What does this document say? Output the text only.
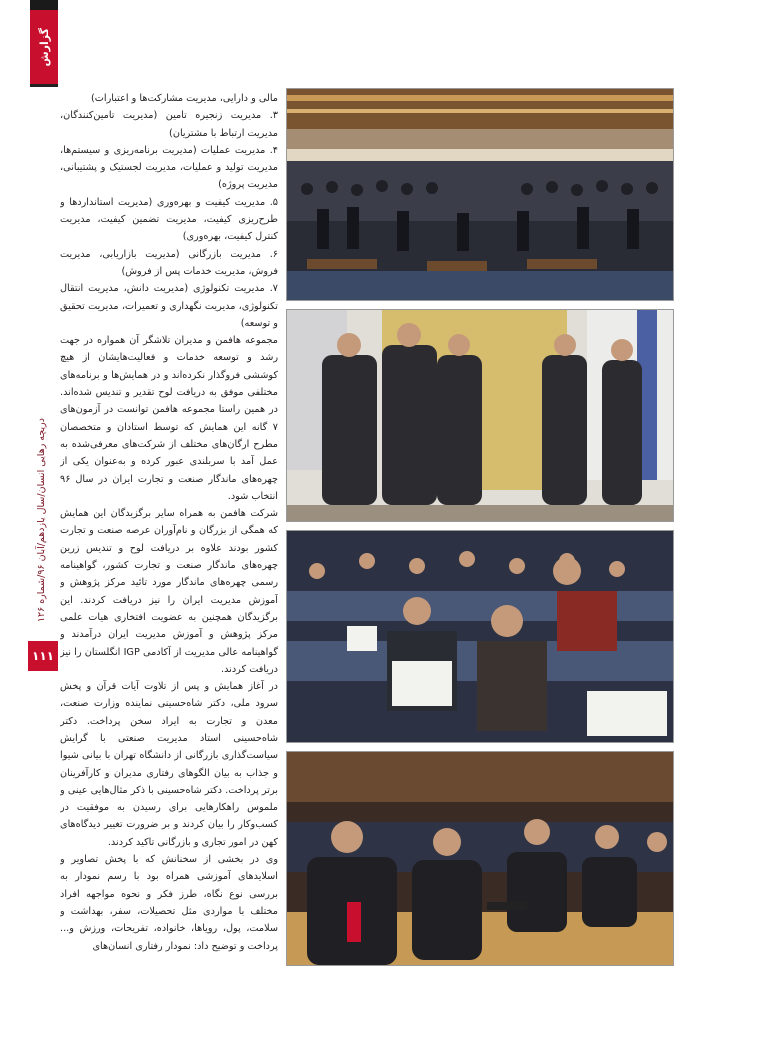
گزارش
دریچه رهایی انسان/سال یازدهم/آبان ۹۶/شماره ۱۲۶
۱۱۱

مالی و دارایی، مدیریت مشارکت‌ها و اعتبارات)

۳. مدیریت زنجیره تامین (مدیریت تامین‌کنندگان، مدیریت ارتباط با مشتریان)

۴. مدیریت عملیات (مدیریت برنامه‌ریزی و سیستم‌ها، مدیریت تولید و عملیات، مدیریت لجستیک و پشتیبانی، مدیریت پروژه)

۵. مدیریت کیفیت و بهره‌وری (مدیریت استانداردها و طرح‌ریزی کیفیت، مدیریت تضمین کیفیت، مدیریت کنترل کیفیت، بهره‌وری)

۶. مدیریت بازرگانی (مدیریت بازاریابی، مدیریت فروش، مدیریت خدمات پس از فروش)

۷. مدیریت تکنولوژی (مدیریت دانش، مدیریت انتقال تکنولوژی، مدیریت نگهداری و تعمیرات، مدیریت تحقیق و توسعه)

مجموعه هافمن و مدیران تلاشگر آن همواره در جهت رشد و توسعه خدمات و فعالیت‌هایشان از هیچ کوششی فروگذار نکرده‌اند و در همایش‌ها و برنامه‌های مختلفی موفق به دریافت لوح تقدیر و تندیس شده‌اند. در همین راستا مجموعه هافمن توانست در آزمون‌های ۷ گانه این همایش که توسط استادان و متخصصان مطرح ارگان‌های مختلف از شرکت‌های معرفی‌شده به عمل آمد با سربلندی عبور کرده و به‌عنوان یکی از چهره‌های ماندگار صنعت و تجارت ایران در سال ۹۶ انتخاب شود.

شرکت هافمن به همراه سایر برگزیدگان این همایش که همگی از بزرگان و نام‌آوران عرصه صنعت و تجارت کشور بودند علاوه بر دریافت لوح و تندیس زرین چهره‌های ماندگار صنعت و تجارت کشور، گواهینامه رسمی چهره‌های ماندگار مورد تائید مرکز پژوهش و آموزش مدیریت ایران را نیز دریافت کردند. این برگزیدگان همچنین به عضویت افتخاری هیات علمی مرکز پژوهش و آموزش مدیریت ایران درآمدند و گواهینامه عالی مدیریت از آکادمی IGP انگلستان را نیز دریافت کردند.

در آغاز همایش و پس از تلاوت آیات قرآن و پخش سرود ملی، دکتر شاه‌حسینی نماینده وزارت صنعت، معدن و تجارت به ایراد سخن پرداخت. دکتر شاه‌حسینی استاد مدیریت صنعتی با گرایش سیاست‌گذاری بازرگانی از دانشگاه تهران با بیانی شیوا و جذاب به بیان الگوهای رفتاری مدیران و کارآفرینان برتر پرداخت. دکتر شاه‌حسینی با ذکر مثال‌هایی عینی و ملموس راهکارهایی برای رسیدن به موفقیت در کسب‌وکار را بیان کردند و بر ضرورت تغییر دیدگاه‌های کهن در امور تجاری و بازرگانی تاکید کردند.

وی در بخشی از سخنانش که با پخش تصاویر و اسلایدهای آموزشی همراه بود با رسم نمودار به بررسی نوع نگاه، طرز فکر و نحوه مواجهه افراد مختلف با مواردی مثل تحصیلات، سفر، بهداشت و سلامت، پول، رویاها، خانواده، تفریحات، ورزش و... پرداخت و توضیح داد: نمودار رفتاری انسان‌های
